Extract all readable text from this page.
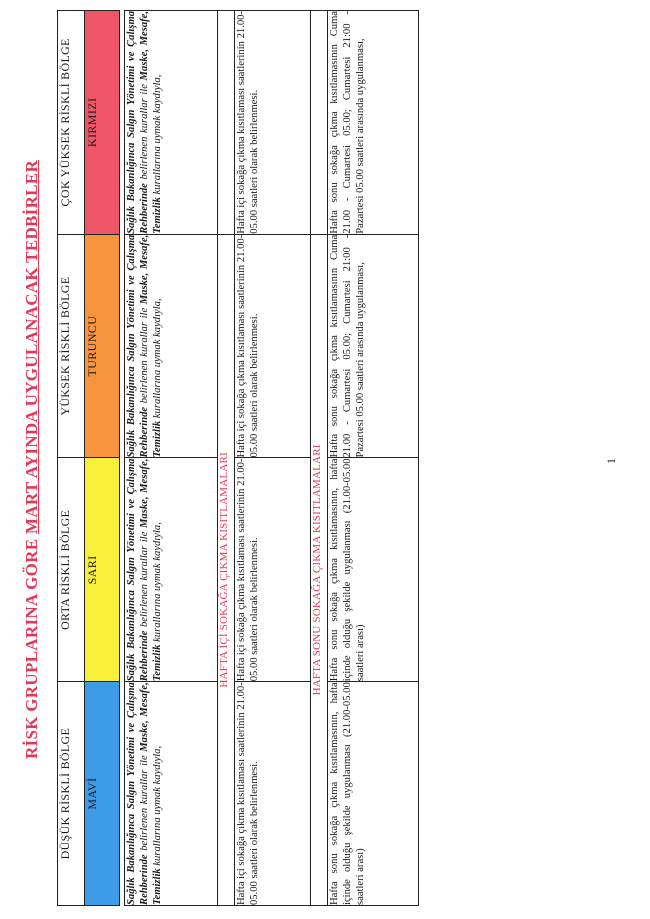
RİSK GRUPLARINA GÖRE MART AYINDA UYGULANACAK TEDBİRLER
DÜŞÜK RİSKLİ BÖLGE	ORTA RİSKLİ BÖLGE	YÜKSEK RİSKLİ BÖLGE	ÇOK YÜKSEK RİSKLİ BÖLGE
MAVİ	SARI	TURUNCU	KIRMIZI

Sağlık Bakanlığınca Salgın Yönetimi ve Çalışma Rehberinde belirlenen kurallar ile Maske, Mesafe, Temizlik kurallarına uymak kaydıyla,	Sağlık Bakanlığınca Salgın Yönetimi ve Çalışma Rehberinde belirlenen kurallar ile Maske, Mesafe, Temizlik kurallarına uymak kaydıyla,	Sağlık Bakanlığınca Salgın Yönetimi ve Çalışma Rehberinde belirlenen kurallar ile Maske, Mesafe, Temizlik kurallarına uymak kaydıyla,	Sağlık Bakanlığınca Salgın Yönetimi ve Çalışma Rehberinde belirlenen kurallar ile Maske, Mesafe, Temizlik kurallarına uymak kaydıyla,
HAFTA İÇİ SOKAĞA ÇIKMA KISITLAMALARI			
Hafta içi sokağa çıkma kısıtlaması saatlerinin 21.00-05.00 saatleri olarak belirlenmesi.	Hafta içi sokağa çıkma kısıtlaması saatlerinin 21.00-05.00 saatleri olarak belirlenmesi.	Hafta içi sokağa çıkma kısıtlaması saatlerinin 21.00-05.00 saatleri olarak belirlenmesi.	Hafta içi sokağa çıkma kısıtlaması saatlerinin 21.00-05.00 saatleri olarak belirlenmesi.
HAFTA SONU SOKAĞA ÇIKMA KISITLAMALARI			
Hafta sonu sokağa çıkma kısıtlamasının, hafta içinde olduğu şekilde uygulanması (21.00-05.00 saatleri arası)	Hafta sonu sokağa çıkma kısıtlamasının, hafta içinde olduğu şekilde uygulanması (21.00-05.00 saatleri arası)	Hafta sonu sokağa çıkma kısıtlamasının Cuma 21.00 - Cumartesi 05.00; Cumartesi 21:00 - Pazartesi 05.00 saatleri arasında uygulanması,	Hafta sonu sokağa çıkma kısıtlamasının Cuma 21.00 - Cumartesi 05.00; Cumartesi 21:00 - Pazartesi 05.00 saatleri arasında uygulanması,
1
